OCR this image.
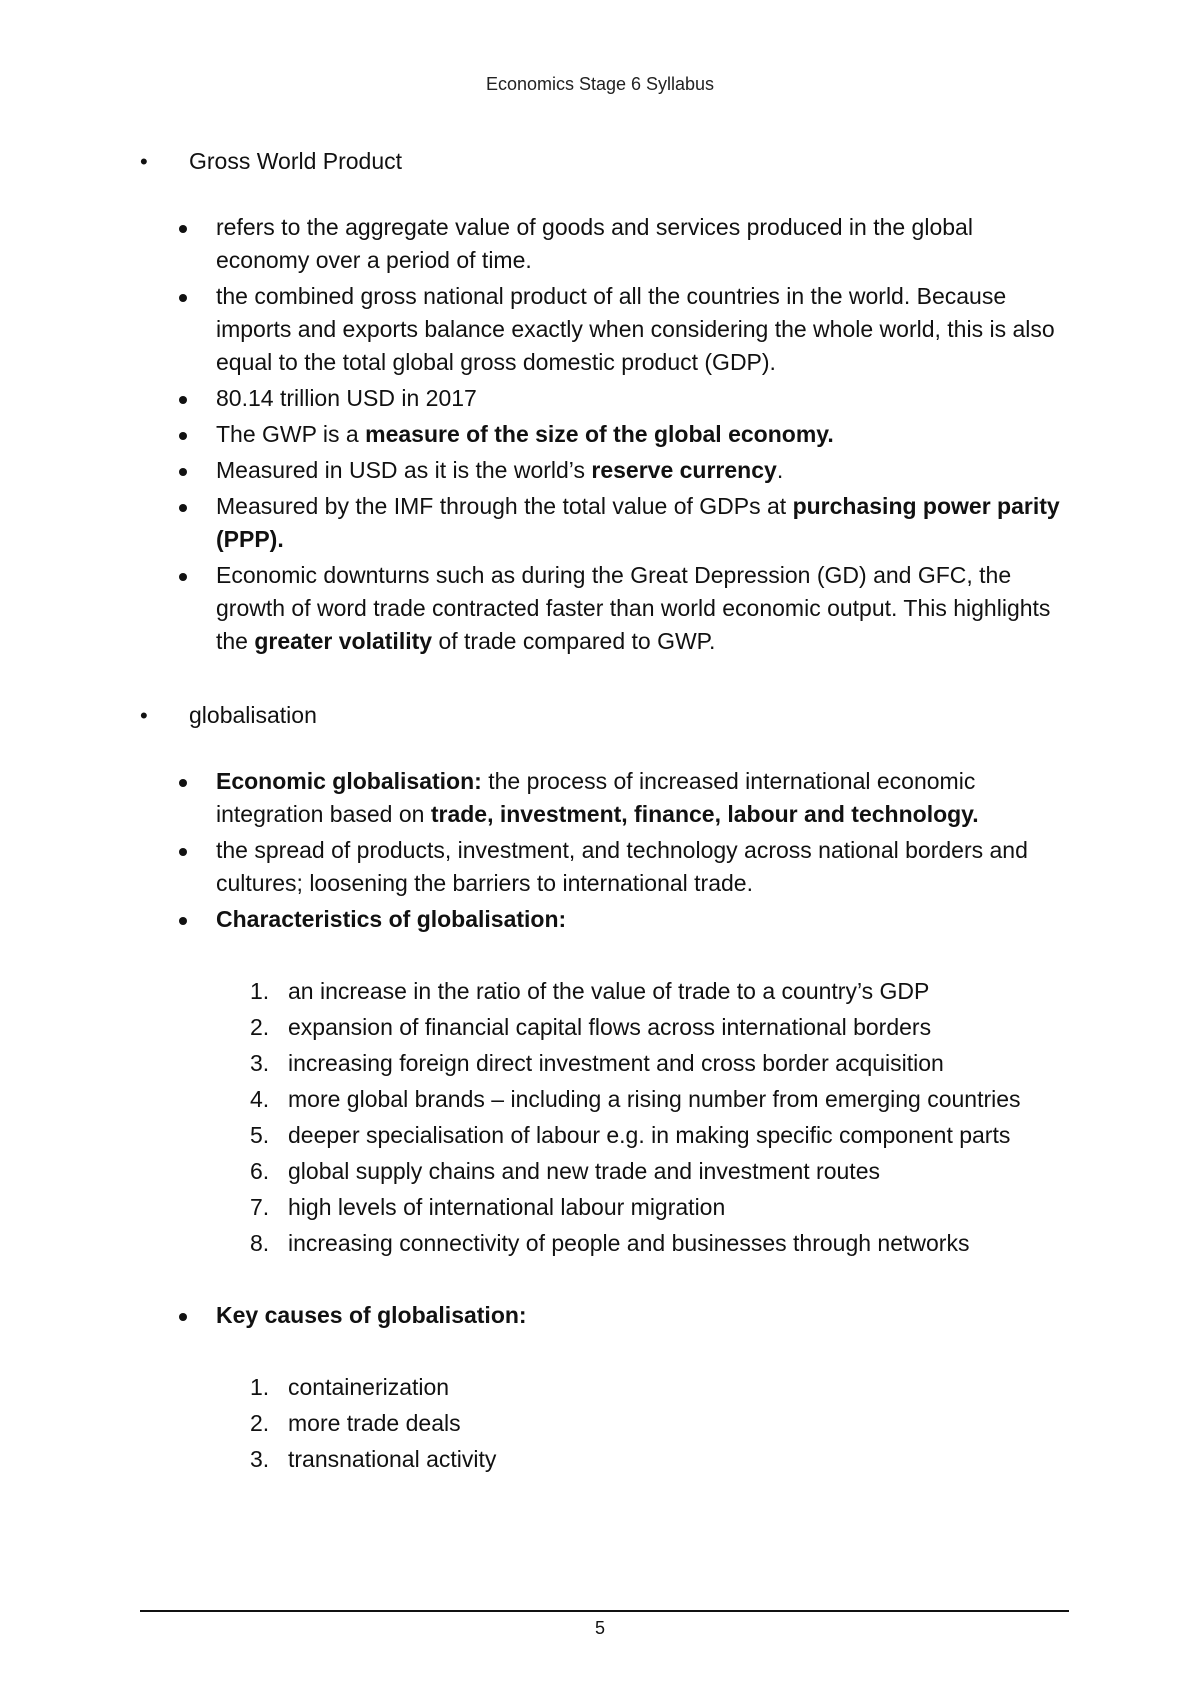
Economics Stage 6 Syllabus

• Gross World Product

refers to the aggregate value of goods and services produced in the global economy over a period of time.
the combined gross national product of all the countries in the world. Because imports and exports balance exactly when considering the whole world, this is also equal to the total global gross domestic product (GDP).
80.14 trillion USD in 2017
The GWP is a measure of the size of the global economy.
Measured in USD as it is the world’s reserve currency.
Measured by the IMF through the total value of GDPs at purchasing power parity (PPP).
Economic downturns such as during the Great Depression (GD) and GFC, the growth of word trade contracted faster than world economic output. This highlights the greater volatility of trade compared to GWP.

• globalisation

Economic globalisation: the process of increased international economic integration based on trade, investment, finance, labour and technology.
the spread of products, investment, and technology across national borders and cultures; loosening the barriers to international trade.
Characteristics of globalisation:
1. an increase in the ratio of the value of trade to a country’s GDP
2. expansion of financial capital flows across international borders
3. increasing foreign direct investment and cross border acquisition
4. more global brands – including a rising number from emerging countries
5. deeper specialisation of labour e.g. in making specific component parts
6. global supply chains and new trade and investment routes
7. high levels of international labour migration
8. increasing connectivity of people and businesses through networks
Key causes of globalisation:
1. containerization
2. more trade deals
3. transnational activity
5
